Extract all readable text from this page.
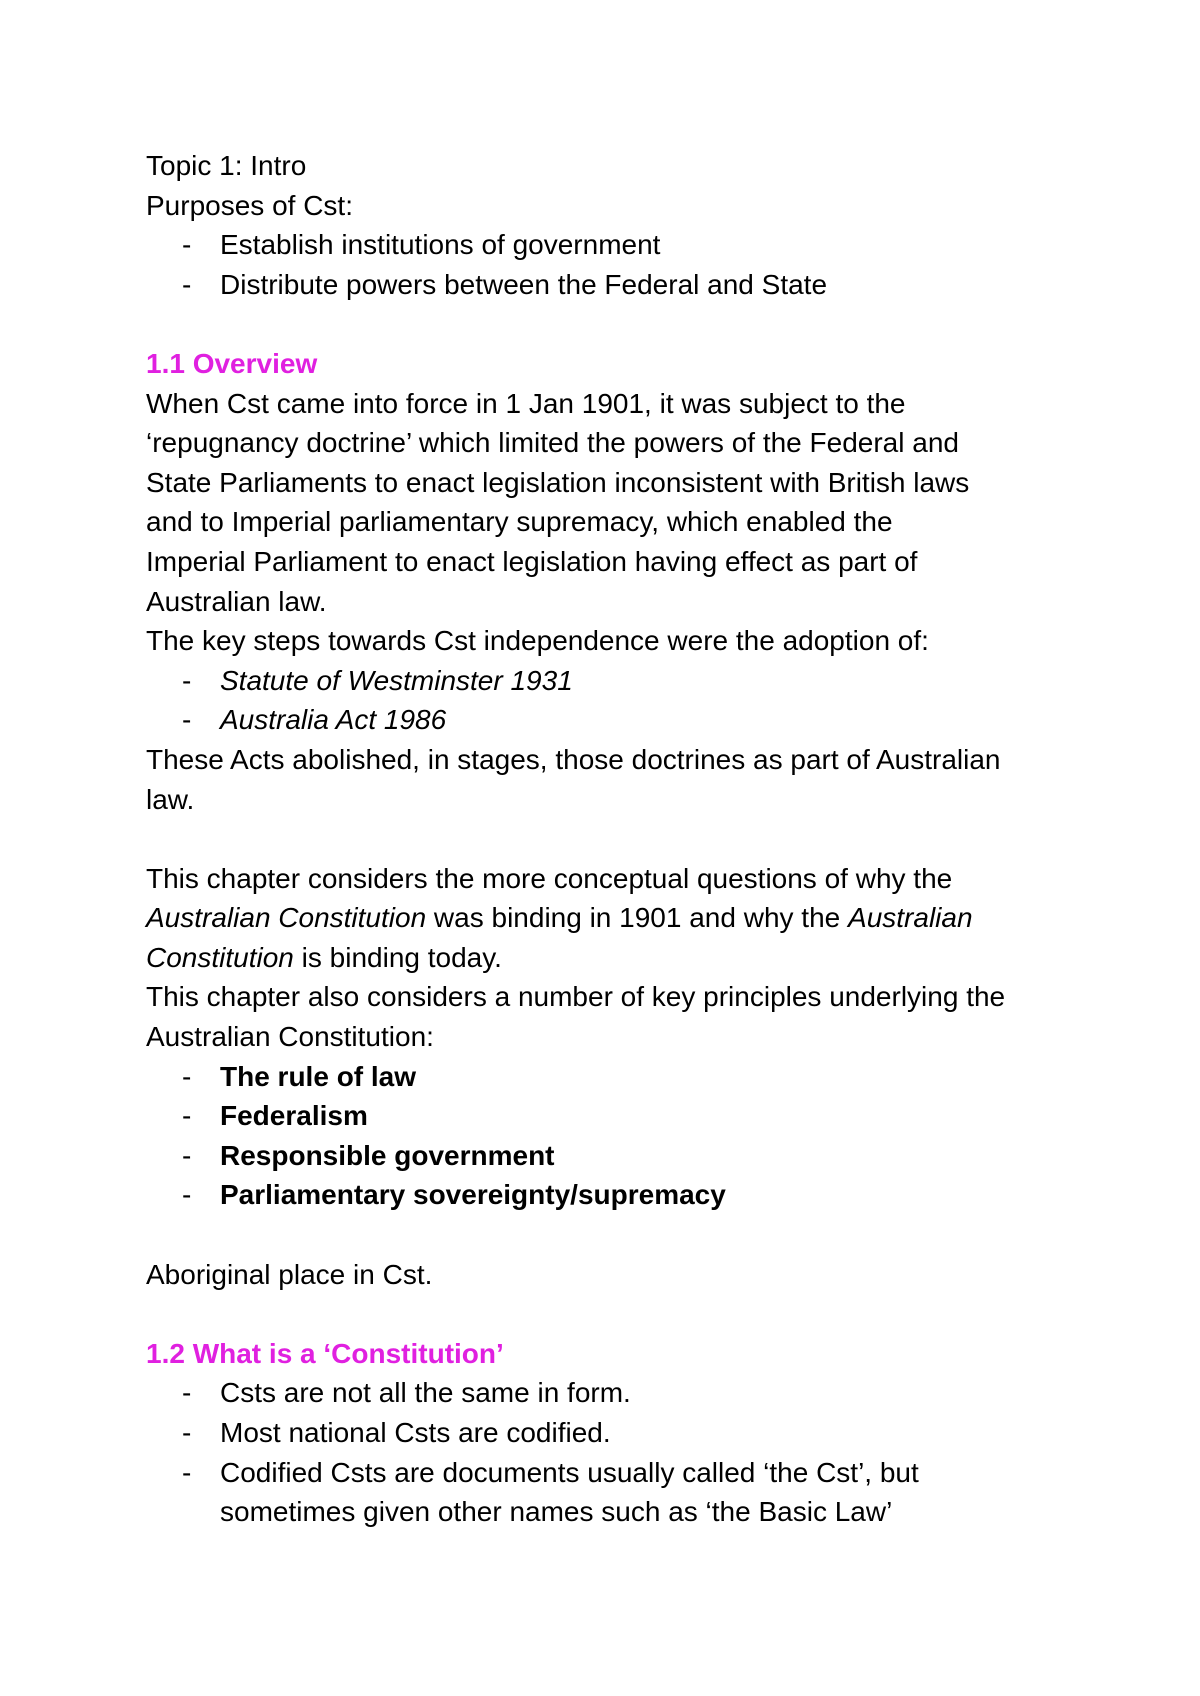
Topic 1: Intro

Purposes of Cst:

- Establish institutions of government
- Distribute powers between the Federal and State

1.1 Overview

When Cst came into force in 1 Jan 1901, it was subject to the

‘repugnancy doctrine’ which limited the powers of the Federal and

State Parliaments to enact legislation inconsistent with British laws

and to Imperial parliamentary supremacy, which enabled the

Imperial Parliament to enact legislation having effect as part of

Australian law.

The key steps towards Cst independence were the adoption of:

- Statute of Westminster 1931
- Australia Act 1986

These Acts abolished, in stages, those doctrines as part of Australian

law.

This chapter considers the more conceptual questions of why the

Australian Constitution was binding in 1901 and why the Australian

Constitution is binding today.

This chapter also considers a number of key principles underlying the

Australian Constitution:

- The rule of law
- Federalism
- Responsible government
- Parliamentary sovereignty/supremacy

Aboriginal place in Cst.

1.2 What is a ‘Constitution’

- Csts are not all the same in form.
- Most national Csts are codified.
- Codified Csts are documents usually called ‘the Cst’, but
sometimes given other names such as ‘the Basic Law’
